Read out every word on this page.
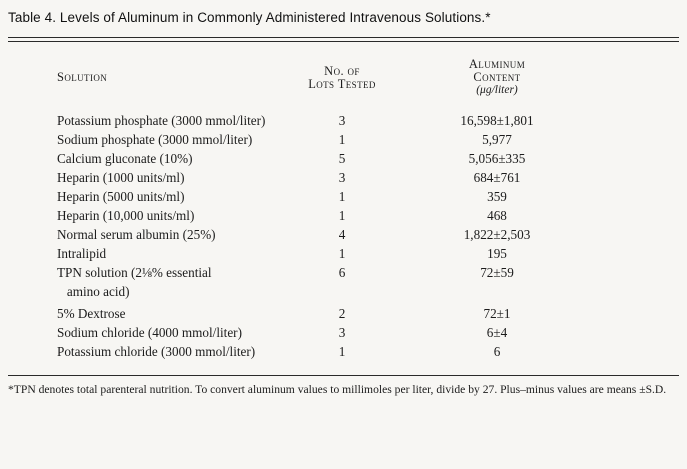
Table 4. Levels of Aluminum in Commonly Administered Intravenous Solutions.*
Solution	No. of
Lots Tested
Aluminum
Content
(μg/liter)
Potassium phosphate (3000 mmol/liter)	3	16,598±1,801
Sodium phosphate (3000 mmol/liter)	1	5,977
Calcium gluconate (10%)	5	5,056±335
Heparin (1000 units/ml)	3	684±761
Heparin (5000 units/ml)	1	359
Heparin (10,000 units/ml)	1	468
Normal serum albumin (25%)	4	1,822±2,503
Intralipid	1	195
TPN solution (2⅛% essential
amino acid)
6	72±59
5% Dextrose	2	72±1
Sodium chloride (4000 mmol/liter)	3	6±4
Potassium chloride (3000 mmol/liter)	1	6
*TPN denotes total parenteral nutrition. To convert aluminum values to millimoles per liter, divide by 27. Plus–minus values are means ±S.D.
